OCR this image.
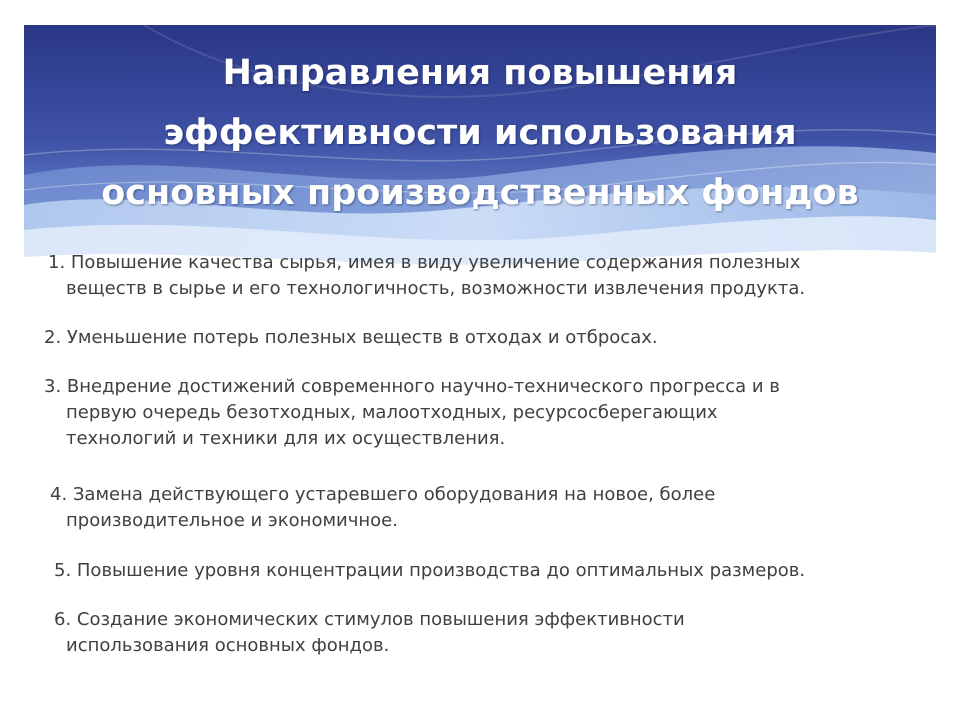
Направления повышения
эффективности использования
основных производственных фондов
1. Повышение качества сырья, имея в виду увеличение содержания полезных
веществ в сырье и его технологичность, возможности извлечения продукта.
2. Уменьшение потерь полезных веществ в отходах и отбросах.
3. Внедрение достижений современного научно-технического прогресса и в
первую очередь безотходных, малоотходных, ресурсосберегающих
технологий и техники для их осуществления.
4. Замена действующего устаревшего оборудования на новое, более
производительное и экономичное.
5. Повышение уровня концентрации производства до оптимальных размеров.
6. Создание экономических стимулов повышения эффективности
использования основных фондов.
